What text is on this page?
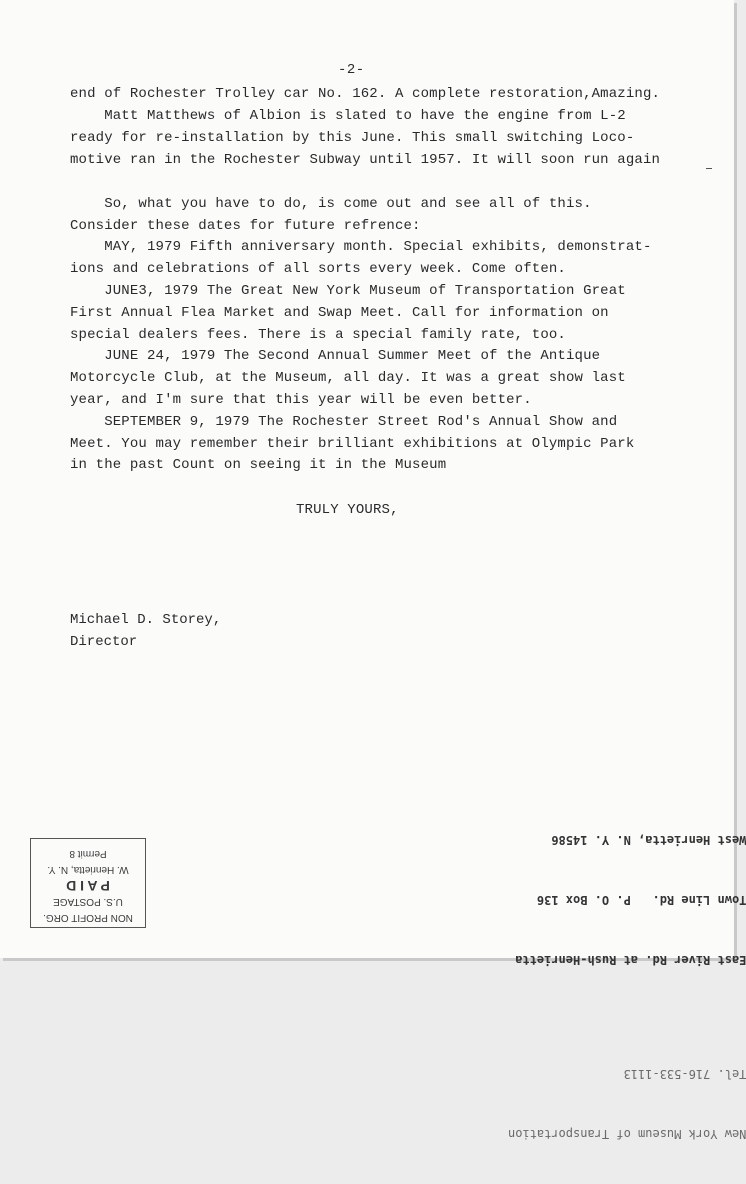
-2-
end of Rochester Trolley car No. 162. A complete restoration,Amazing.
Matt Matthews of Albion is slated to have the engine from L-2
ready for re-installation by this June. This small switching Loco-
motive ran in the Rochester Subway until 1957. It will soon run again
So, what you have to do, is come out and see all of this.
Consider these dates for future refrence:
MAY, 1979 Fifth anniversary month. Special exhibits, demonstrat-
ions and celebrations of all sorts every week. Come often.
JUNE3, 1979 The Great New York Museum of Transportation Great
First Annual Flea Market and Swap Meet. Call for information on
special dealers fees. There is a special family rate, too.
JUNE 24, 1979 The Second Annual Summer Meet of the Antique
Motorcycle Club, at the Museum, all day. It was a great show last
year, and I'm sure that this year will be even better.
SEPTEMBER 9, 1979 The Rochester Street Rod's Annual Show and
Meet. You may remember their brilliant exhibitions at Olympic Park
in the past Count on seeing it in the Museum
TRULY YOURS,
Michael D. Storey,
Director

New York Museum of Transportation

Tel. 716-533-1113

East River Rd. at Rush-Henrietta

Town Line Rd.   P. O. Box 136

West Henrietta, N. Y. 14586

NON PROFIT ORG.
U.S. POSTAGE
P A I D
W. Henrietta, N. Y.
Permit 8
